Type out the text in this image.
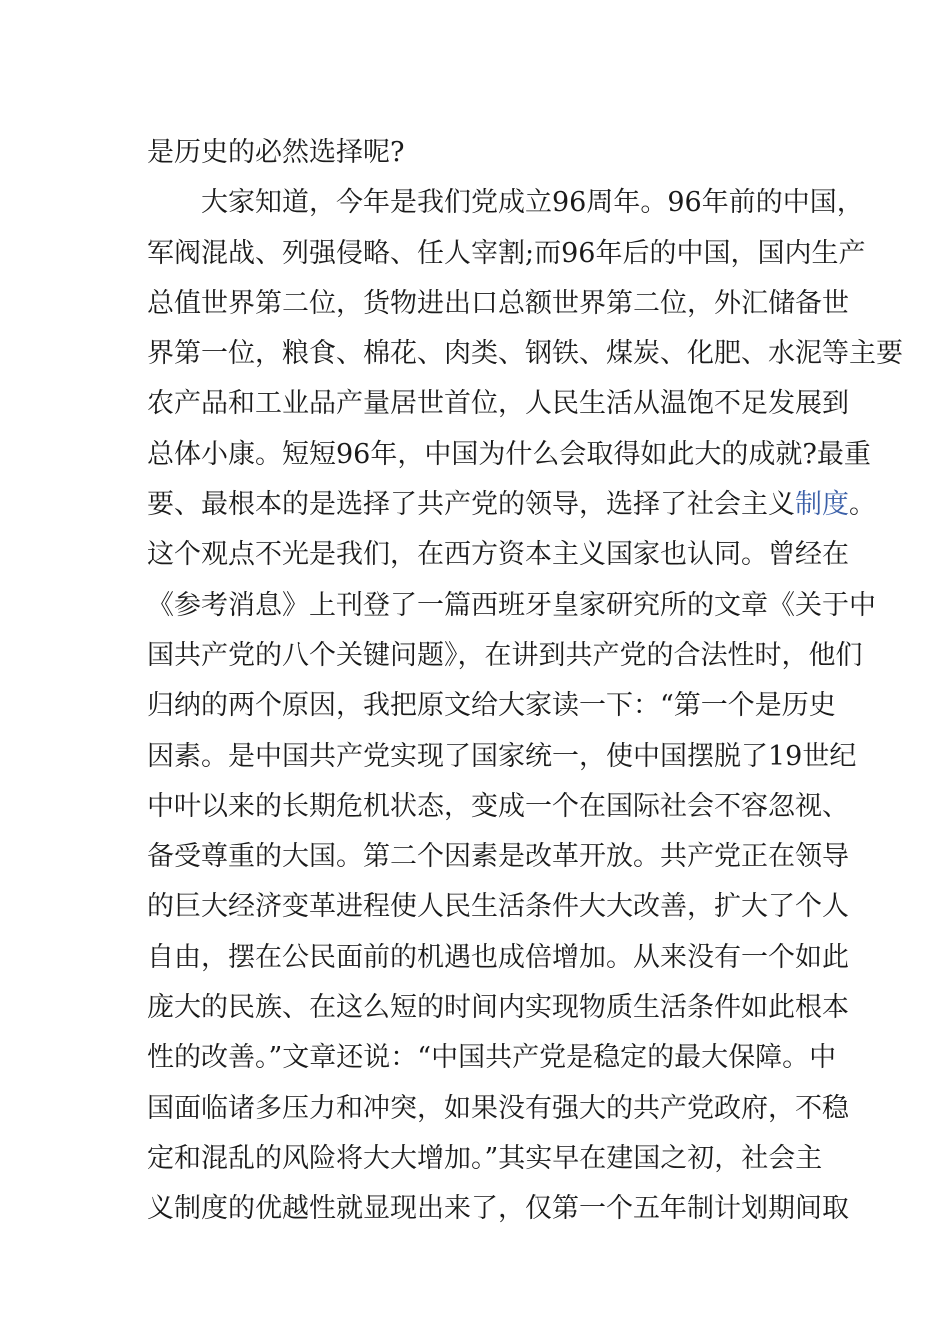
是历史的必然选择呢?
大家知道，今年是我们党成立96周年。96年前的中国，
军阀混战、列强侵略、任人宰割;而96年后的中国，国内生产
总值世界第二位，货物进出口总额世界第二位，外汇储备世
界第一位，粮食、棉花、肉类、钢铁、煤炭、化肥、水泥等主要
农产品和工业品产量居世首位，人民生活从温饱不足发展到
总体小康。短短96年，中国为什么会取得如此大的成就?最重
要、最根本的是选择了共产党的领导，选择了社会主义制度。
这个观点不光是我们，在西方资本主义国家也认同。曾经在
《参考消息》上刊登了一篇西班牙皇家研究所的文章《关于中
国共产党的八个关键问题》，在讲到共产党的合法性时，他们
归纳的两个原因，我把原文给大家读一下：“第一个是历史
因素。是中国共产党实现了国家统一，使中国摆脱了19世纪
中叶以来的长期危机状态，变成一个在国际社会不容忽视、
备受尊重的大国。第二个因素是改革开放。共产党正在领导
的巨大经济变革进程使人民生活条件大大改善，扩大了个人
自由，摆在公民面前的机遇也成倍增加。从来没有一个如此
庞大的民族、在这么短的时间内实现物质生活条件如此根本
性的改善。”文章还说：“中国共产党是稳定的最大保障。中
国面临诸多压力和冲突，如果没有强大的共产党政府，不稳
定和混乱的风险将大大增加。”其实早在建国之初，社会主
义制度的优越性就显现出来了，仅第一个五年制计划期间取
